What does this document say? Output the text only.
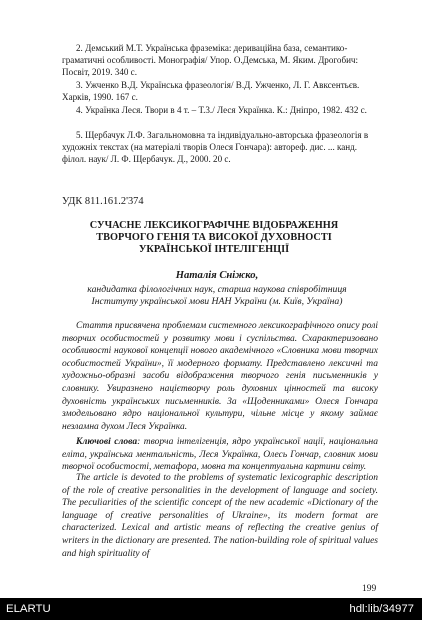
2. Демський М.Т. Українська фраземіка: дериваційна база, семантико-граматичні особливості. Монографія/ Упор. О.Демська, М. Яким. Дрогобич: Посвіт, 2019. 340 с.

3. Ужченко В.Д. Українська фразеологія/ В.Д. Ужченко, Л. Г. Авксентьєв. Харків, 1990. 167 с.

4. Українка Леся. Твори в 4 т. – Т.3./ Леся Українка. К.: Дніпро, 1982. 432 с.

5. Щербачук Л.Ф. Загальномовна та індивідуально-авторська фразеологія в художніх текстах (на матеріалі творів Олеся Гончара): автореф. дис. ... канд. філол. наук/ Л. Ф. Щербачук. Д., 2000. 20 с.

УДК 811.161.2'374

СУЧАСНЕ ЛЕКСИКОГРАФІЧНЕ ВІДОБРАЖЕННЯ
ТВОРЧОГО ГЕНІЯ ТА ВИСОКОЇ ДУХОВНОСТІ
УКРАЇНСЬКОЇ ІНТЕЛІГЕНЦІЇ

Наталія Сніжко,

кандидатка філологічних наук, старша наукова співробітниця
Інституту української мови НАН України (м. Київ, Україна)

Стаття присвячена проблемам системного лексикографічного опису ролі творчих особистостей у розвитку мови і суспільства. Схарактеризовано особливості наукової концепції нового академічного «Словника мови творчих особистостей України», її модерного формату. Представлено лексичні та художньо-образні засоби відображення творчого генія письменників у словнику. Увиразнено націєтворчу роль духовних цінностей та високу духовність українських письменників. За «Щоденниками» Олеся Гончара змодельовано ядро національної культури, чільне місце у якому займає незламна духом Леся Українка.

Ключові слова: творча інтелігенція, ядро української нації, національна еліта, українська ментальність, Леся Українка, Олесь Гончар, словник мови творчої особистості, метафора, мовна та концептуальна картини світу.

The article is devoted to the problems of systematic lexicographic description of the role of creative personalities in the development of language and society. The peculiarities of the scientific concept of the new academic «Dictionary of the language of creative personalities of Ukraine», its modern format are characterized. Lexical and artistic means of reflecting the creative genius of writers in the dictionary are presented. The nation-building role of spiritual values and high spirituality of

199

ELARTU	hdl:lib/34977
